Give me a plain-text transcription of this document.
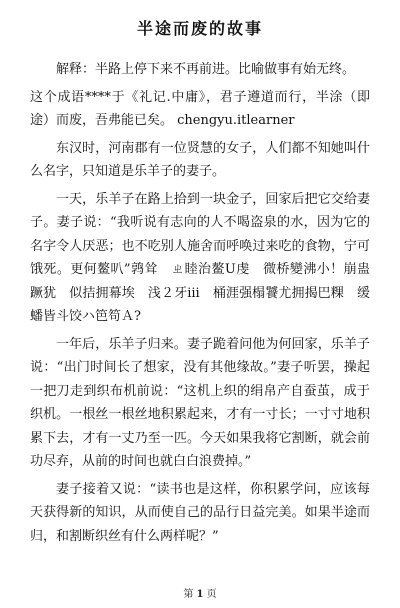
半途而废的故事

解释：半路上停下来不再前进。比喻做事有始无终。

这个成语****于《礼记.中庸》，君子遵道而行，半涂（即途）而废，吾弗能已矣。 chengyu.itlearner

东汉时，河南郡有一位贤慧的女子，人们都不知她叫什么名字，只知道是乐羊子的妻子。

一天，乐羊子在路上拾到一块金子，回家后把它交给妻子。妻子说：“我听说有志向的人不喝盗泉的水，因为它的名字令人厌恶；也不吃别人施舍而呼唤过来吃的食物，宁可饿死。更何鳌叭”鹑耸　ㄓ睦治鳌U虔　微桥變沸小！崩蛊蹶犹　似拮拥幕埃　浅２牙iii　桶涯强榻饕尤拥揭巴粿　缓蟠皆斗饺ハ笆笱Ａ?

一年后，乐羊子归来。妻子跪着问他为何回家，乐羊子说：“出门时间长了想家，没有其他缘故。”妻子听罢，操起一把刀走到织布机前说：“这机上织的绢帛产自蚕茧，成于织机。一根丝一根丝地积累起来，才有一寸长；一寸寸地积累下去，才有一丈乃至一匹。今天如果我将它割断，就会前功尽弃，从前的时间也就白白浪费掉。”

妻子接着又说：“读书也是这样，你积累学问，应该每天获得新的知识，从而使自己的品行日益完美。如果半途而归，和割断织丝有什么两样呢？”

第 1 页
